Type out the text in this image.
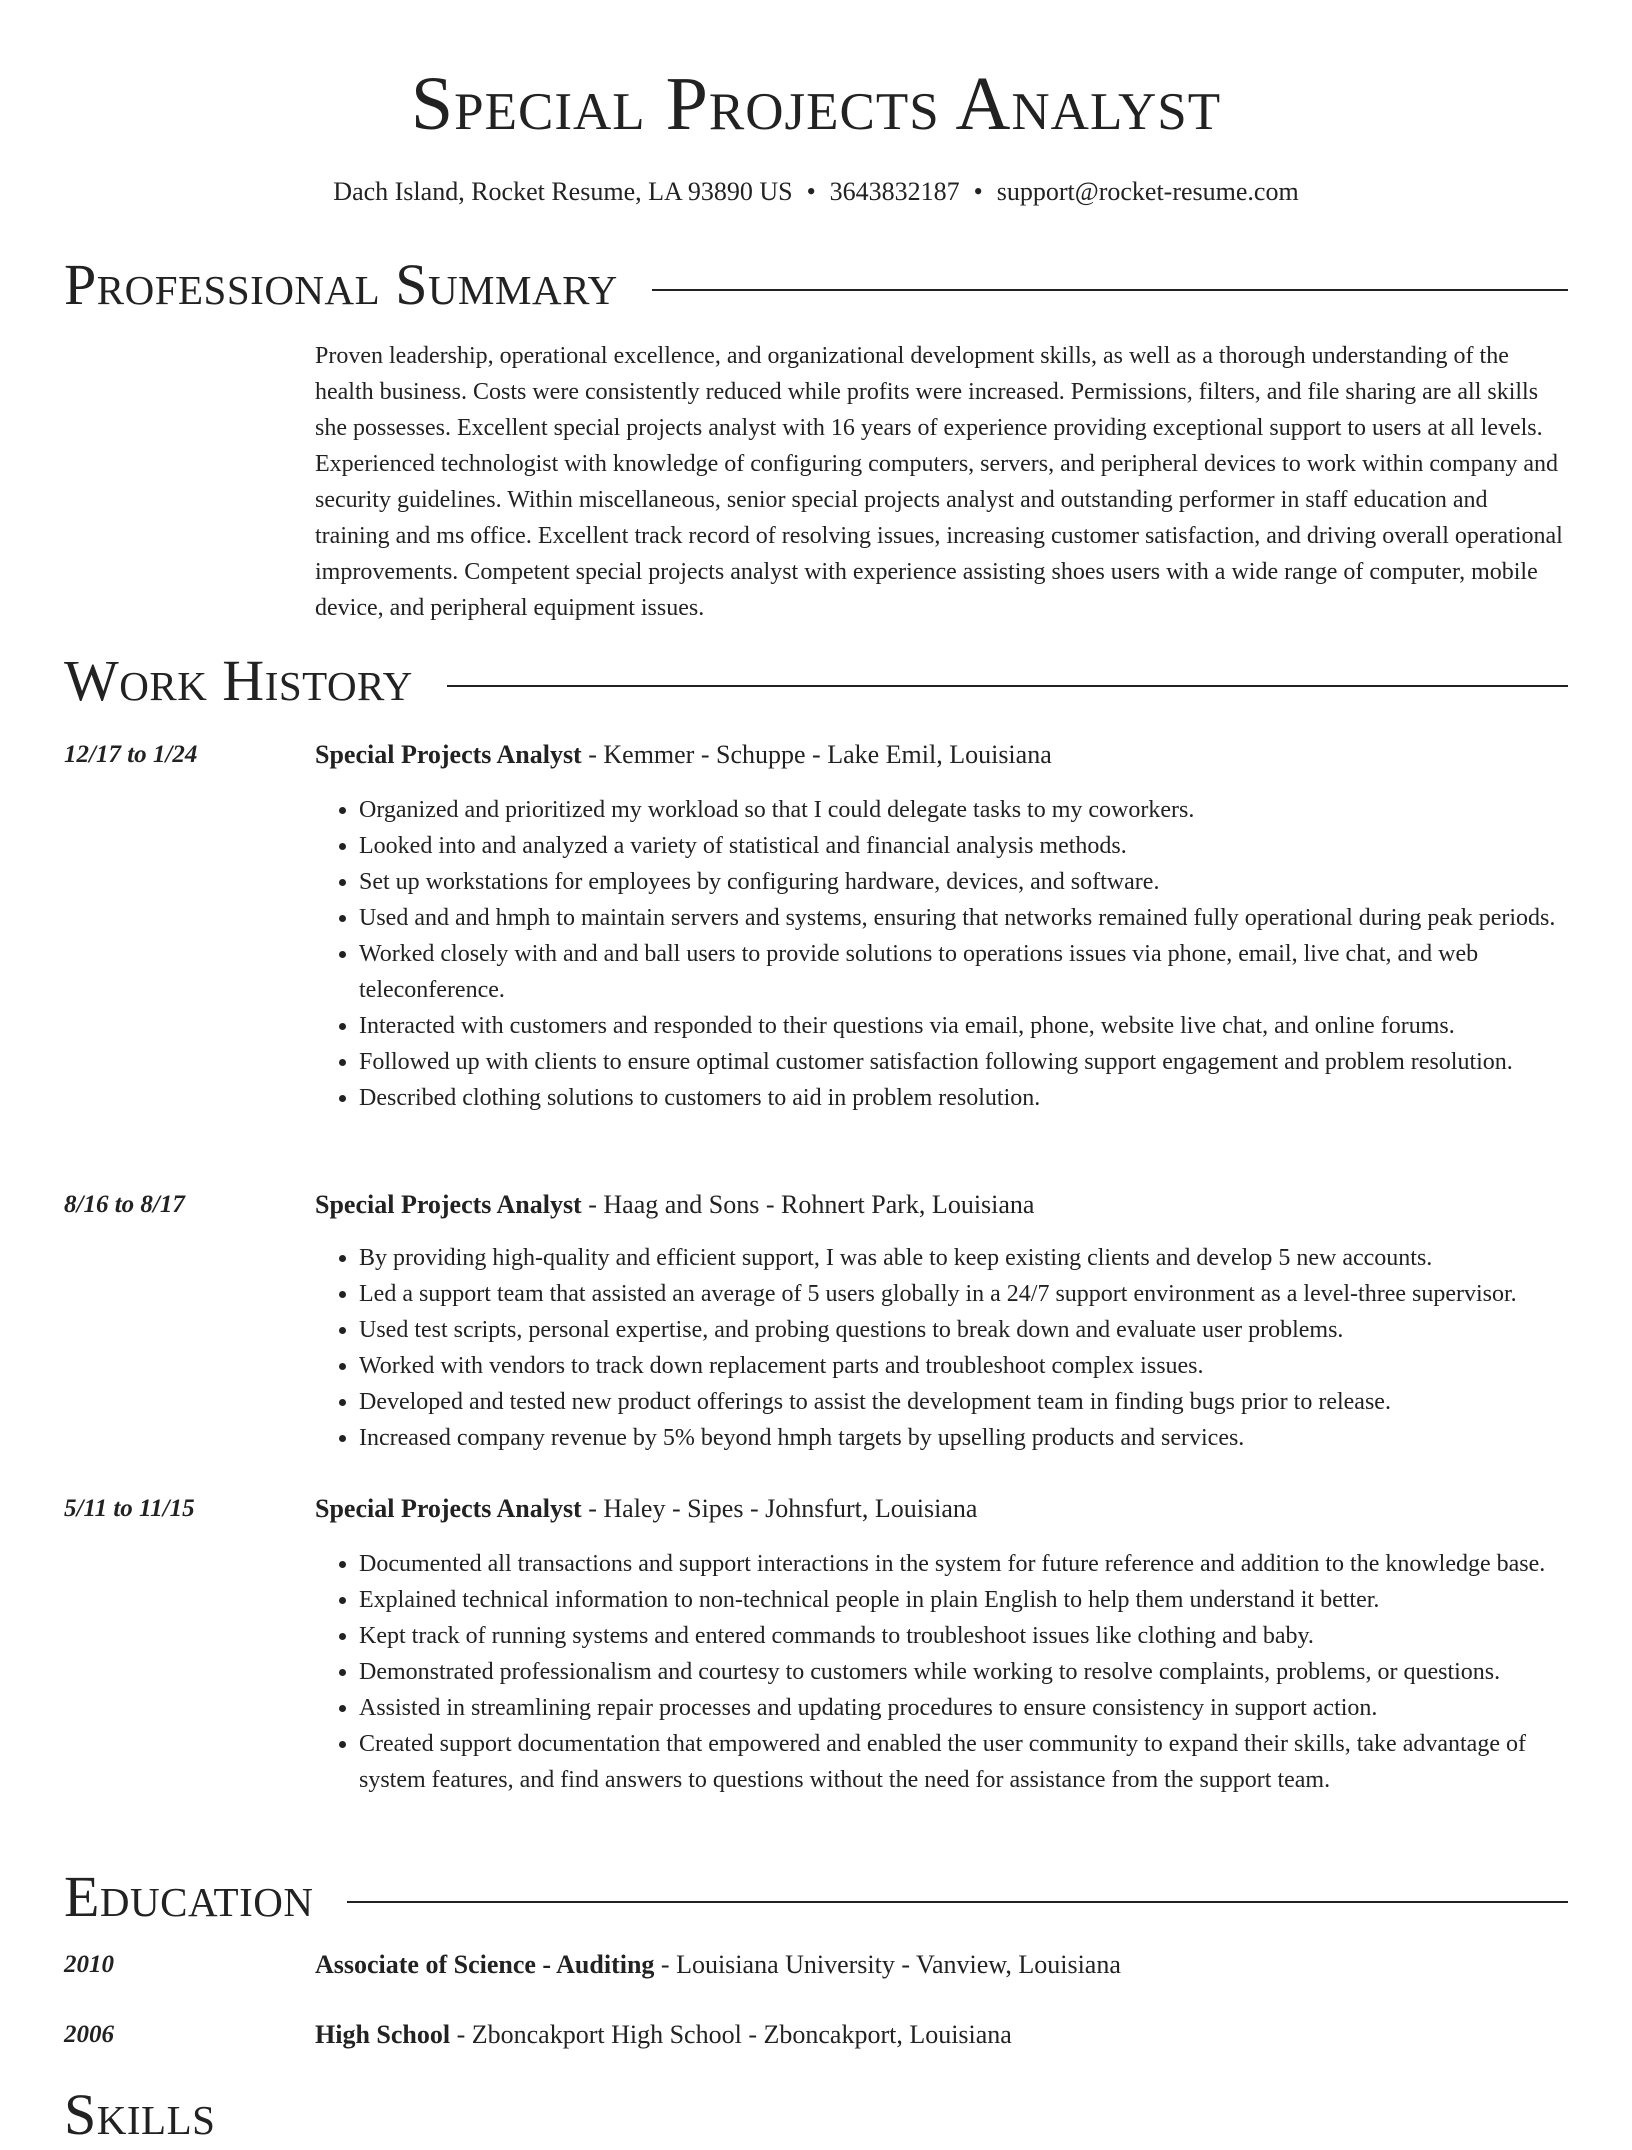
Special Projects Analyst
Dach Island, Rocket Resume, LA 93890 US • 3643832187 • support@rocket-resume.com
Professional Summary

Proven leadership, operational excellence, and organizational development skills, as well as a thorough understanding of the health business. Costs were consistently reduced while profits were increased. Permissions, filters, and file sharing are all skills she possesses. Excellent special projects analyst with 16 years of experience providing exceptional support to users at all levels. Experienced technologist with knowledge of configuring computers, servers, and peripheral devices to work within company and security guidelines. Within miscellaneous, senior special projects analyst and outstanding performer in staff education and training and ms office. Excellent track record of resolving issues, increasing customer satisfaction, and driving overall operational improvements. Competent special projects analyst with experience assisting shoes users with a wide range of computer, mobile device, and peripheral equipment issues.

Work History
12/17 to 1/24	Special Projects Analyst - Kemmer - Schuppe - Lake Emil, Louisiana
• Organized and prioritized my workload so that I could delegate tasks to my coworkers.
• Looked into and analyzed a variety of statistical and financial analysis methods.
• Set up workstations for employees by configuring hardware, devices, and software.
• Used and and hmph to maintain servers and systems, ensuring that networks remained fully operational during peak periods.
• Worked closely with and and ball users to provide solutions to operations issues via phone, email, live chat, and web teleconference.
• Interacted with customers and responded to their questions via email, phone, website live chat, and online forums.
• Followed up with clients to ensure optimal customer satisfaction following support engagement and problem resolution.
• Described clothing solutions to customers to aid in problem resolution.
8/16 to 8/17	Special Projects Analyst - Haag and Sons - Rohnert Park, Louisiana
• By providing high-quality and efficient support, I was able to keep existing clients and develop 5 new accounts.
• Led a support team that assisted an average of 5 users globally in a 24/7 support environment as a level-three supervisor.
• Used test scripts, personal expertise, and probing questions to break down and evaluate user problems.
• Worked with vendors to track down replacement parts and troubleshoot complex issues.
• Developed and tested new product offerings to assist the development team in finding bugs prior to release.
• Increased company revenue by 5% beyond hmph targets by upselling products and services.
5/11 to 11/15	Special Projects Analyst - Haley - Sipes - Johnsfurt, Louisiana
• Documented all transactions and support interactions in the system for future reference and addition to the knowledge base.
• Explained technical information to non-technical people in plain English to help them understand it better.
• Kept track of running systems and entered commands to troubleshoot issues like clothing and baby.
• Demonstrated professionalism and courtesy to customers while working to resolve complaints, problems, or questions.
• Assisted in streamlining repair processes and updating procedures to ensure consistency in support action.
• Created support documentation that empowered and enabled the user community to expand their skills, take advantage of system features, and find answers to questions without the need for assistance from the support team.
Education
2010	Associate of Science - Auditing - Louisiana University - Vanview, Louisiana
2006	High School - Zboncakport High School - Zboncakport, Louisiana
Skills
